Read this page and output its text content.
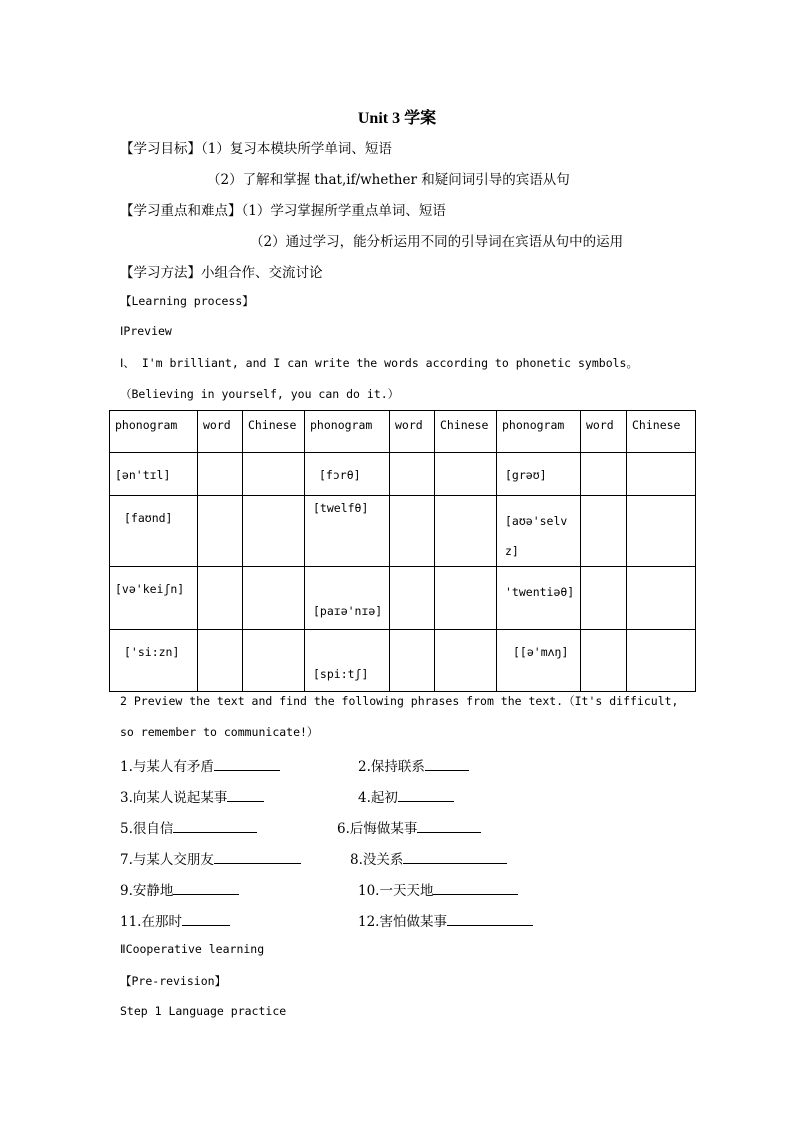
Unit 3 学案
【学习目标】（1）复习本模块所学单词、短语
（2）了解和掌握 that,if/whether 和疑问词引导的宾语从句
【学习重点和难点】（1）学习掌握所学重点单词、短语
（2）通过学习，能分析运用不同的引导词在宾语从句中的运用
【学习方法】小组合作、交流讨论
【Learning process】
ⅠPreview
Ⅰ、 I'm brilliant, and I can write the words according to phonetic symbols。
（Believing in yourself, you can do it.）
phonogram	word	Chinese	phonogram	word	Chinese	phonogram	word	Chinese
[ən'tɪl]			[fɔrθ]			[grəʊ]		
[faʊnd]			[twelfθ]			[aʊə'selvz]		
[və'keiʃn]			[paɪə'nɪə]			'twentiəθ]		
['si:zn]			[spi:tʃ]			[[ə'mʌŋ]		
2 Preview the text and find the following phrases from the text.（It's difficult,
so remember to communicate!）
1.与某人有矛盾	2.保持联系
3.向某人说起某事	4.起初
5.很自信	6.后悔做某事
7.与某人交朋友	8.没关系
9.安静地	10.一天天地
11.在那时	12.害怕做某事
ⅡCooperative learning
【Pre-revision】
Step 1 Language practice
